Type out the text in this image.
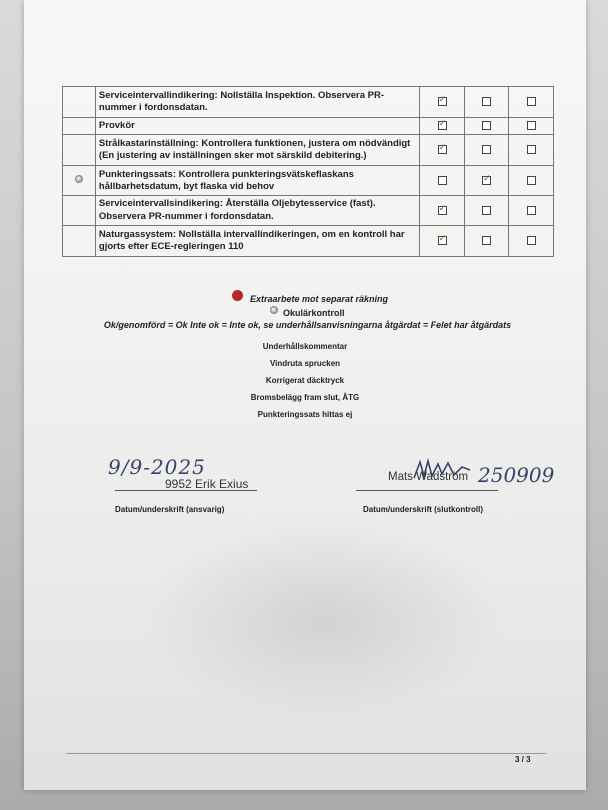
	Serviceintervallindikering: Nollställa Inspektion. Observera PR-nummer i fordonsdatan.	✓		
	Provkör	✓		
	Strålkastarinställning: Kontrollera funktionen, justera om nödvändigt (En justering av inställningen sker mot särskild debitering.)	✓		
	Punkteringssats: Kontrollera punkteringsvätskeflaskans hållbarhetsdatum, byt flaska vid behov		✓	
	Serviceintervallsindikering: Återställa Oljebytesservice (fast). Observera PR-nummer i fordonsdatan.	✓		
	Naturgassystem: Nollställa intervallindikeringen, om en kontroll har gjorts efter ECE-regleringen 110	✓		
Extraarbete mot separat räkning
Okulärkontroll
Ok/genomförd = Ok Inte ok = Inte ok, se underhållsanvisningarna åtgärdat = Felet har åtgärdats
Underhållskommentar
Vindruta sprucken
Korrigerat däcktryck
Bromsbelägg fram slut, ÅTG
Punkteringssats hittas ej
9/9-2025
9952 Erik Exius
Datum/underskrift (ansvarig)
Mats Wadström 250909
Datum/underskrift (slutkontroll)
3 / 3
